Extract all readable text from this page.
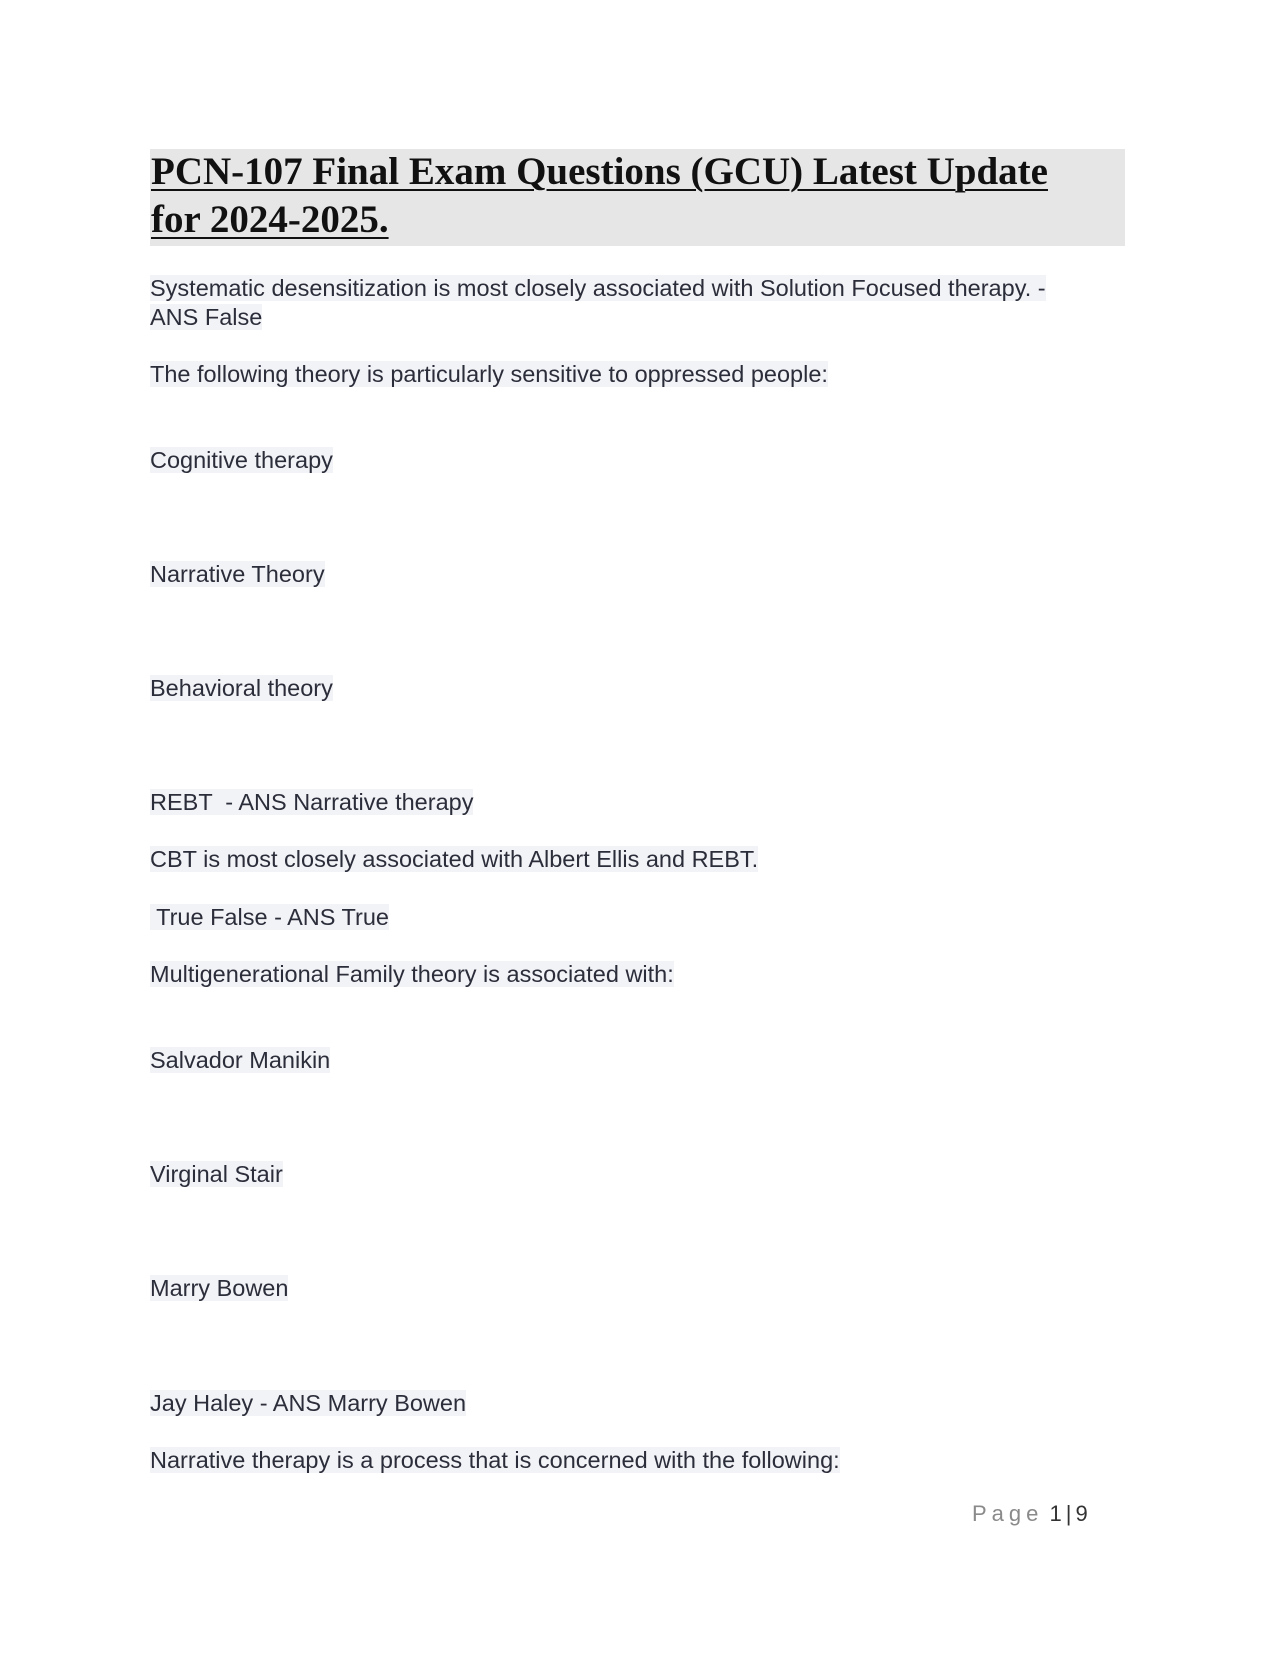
PCN-107 Final Exam Questions (GCU) Latest Update
for 2024-2025.
Systematic desensitization is most closely associated with Solution Focused therapy. -
ANS False
The following theory is particularly sensitive to oppressed people:
Cognitive therapy
Narrative Theory
Behavioral theory
REBT  - ANS Narrative therapy
CBT is most closely associated with Albert Ellis and REBT.
True False - ANS True
Multigenerational Family theory is associated with:
Salvador Manikin
Virginal Stair
Marry Bowen
Jay Haley - ANS Marry Bowen
Narrative therapy is a process that is concerned with the following:
Page 1 | 9
